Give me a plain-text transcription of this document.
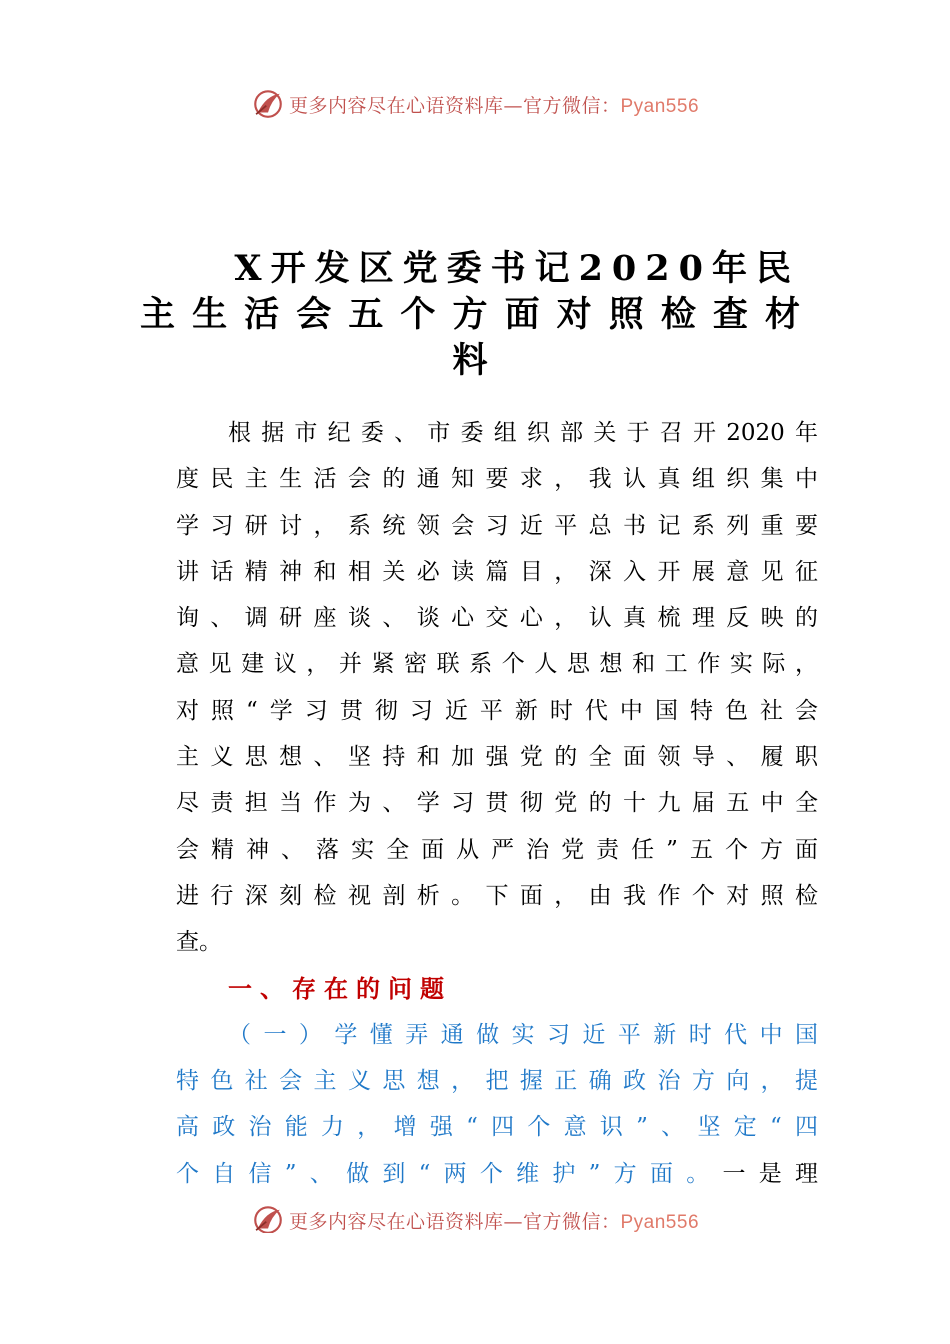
更多内容尽在心语资料库—官方微信：Pyan556
X开发区党委书记2020年民
主生活会五个方面对照检查材
料
根据市纪委、市委组织部关于召开2020年
度民主生活会的通知要求，我认真组织集中
学习研讨，系统领会习近平总书记系列重要
讲话精神和相关必读篇目，深入开展意见征
询、调研座谈、谈心交心，认真梳理反映的
意见建议，并紧密联系个人思想和工作实际，
对照“学习贯彻习近平新时代中国特色社会
主义思想、坚持和加强党的全面领导、履职
尽责担当作为、学习贯彻党的十九届五中全
会精神、落实全面从严治党责任”五个方面
进行深刻检视剖析。下面，由我作个对照检
查。
一、存在的问题
（一）学懂弄通做实习近平新时代中国
特色社会主义思想，把握正确政治方向，提
高政治能力，增强“四个意识”、坚定“四
个自信”、做到“两个维护”方面。一是理
更多内容尽在心语资料库—官方微信：Pyan556
